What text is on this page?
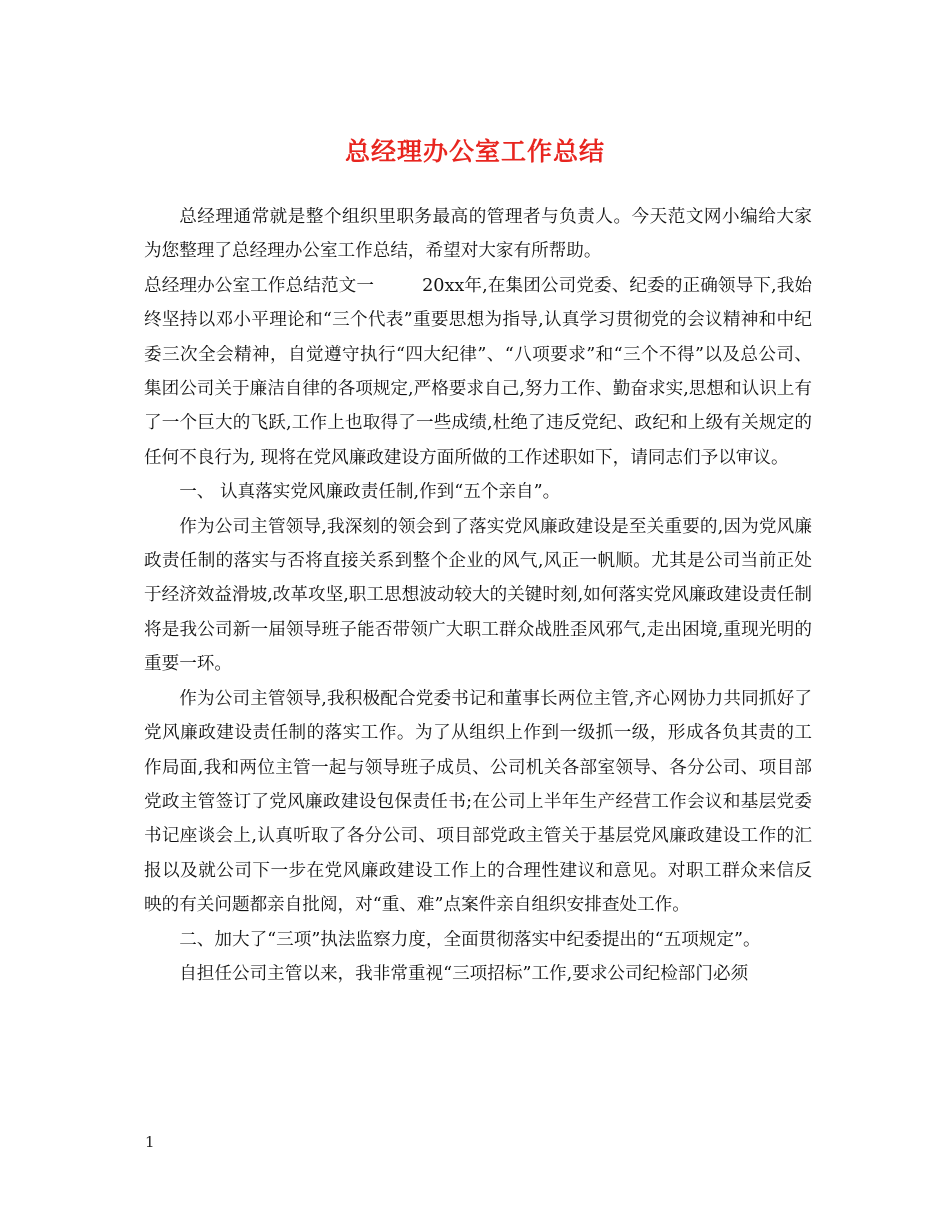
总经理办公室工作总结

总经理通常就是整个组织里职务最高的管理者与负责人。今天范文网小编给大家为您整理了总经理办公室工作总结，希望对大家有所帮助。

总经理办公室工作总结范文一	20xx年,在集团公司党委、纪委的正确领导下,我始终坚持以邓小平理论和“三个代表”重要思想为指导,认真学习贯彻党的会议精神和中纪委三次全会精神，自觉遵守执行“四大纪律”、“八项要求”和“三个不得”以及总公司、集团公司关于廉洁自律的各项规定,严格要求自己,努力工作、勤奋求实,思想和认识上有了一个巨大的飞跃,工作上也取得了一些成绩,杜绝了违反党纪、政纪和上级有关规定的任何不良行为, 现将在党风廉政建设方面所做的工作述职如下，请同志们予以审议。

一、 认真落实党风廉政责任制,作到“五个亲自”。

作为公司主管领导,我深刻的领会到了落实党风廉政建设是至关重要的,因为党风廉政责任制的落实与否将直接关系到整个企业的风气,风正一帆顺。尤其是公司当前正处于经济效益滑坡,改革攻坚,职工思想波动较大的关键时刻,如何落实党风廉政建设责任制将是我公司新一届领导班子能否带领广大职工群众战胜歪风邪气,走出困境,重现光明的重要一环。

作为公司主管领导,我积极配合党委书记和董事长两位主管,齐心网协力共同抓好了党风廉政建设责任制的落实工作。为了从组织上作到一级抓一级，形成各负其责的工作局面,我和两位主管一起与领导班子成员、公司机关各部室领导、各分公司、项目部党政主管签订了党风廉政建设包保责任书;在公司上半年生产经营工作会议和基层党委书记座谈会上,认真听取了各分公司、项目部党政主管关于基层党风廉政建设工作的汇报以及就公司下一步在党风廉政建设工作上的合理性建议和意见。对职工群众来信反映的有关问题都亲自批阅，对“重、难”点案件亲自组织安排查处工作。

二、加大了“三项”执法监察力度，全面贯彻落实中纪委提出的“五项规定”。

自担任公司主管以来，我非常重视“三项招标”工作,要求公司纪检部门必须

1
